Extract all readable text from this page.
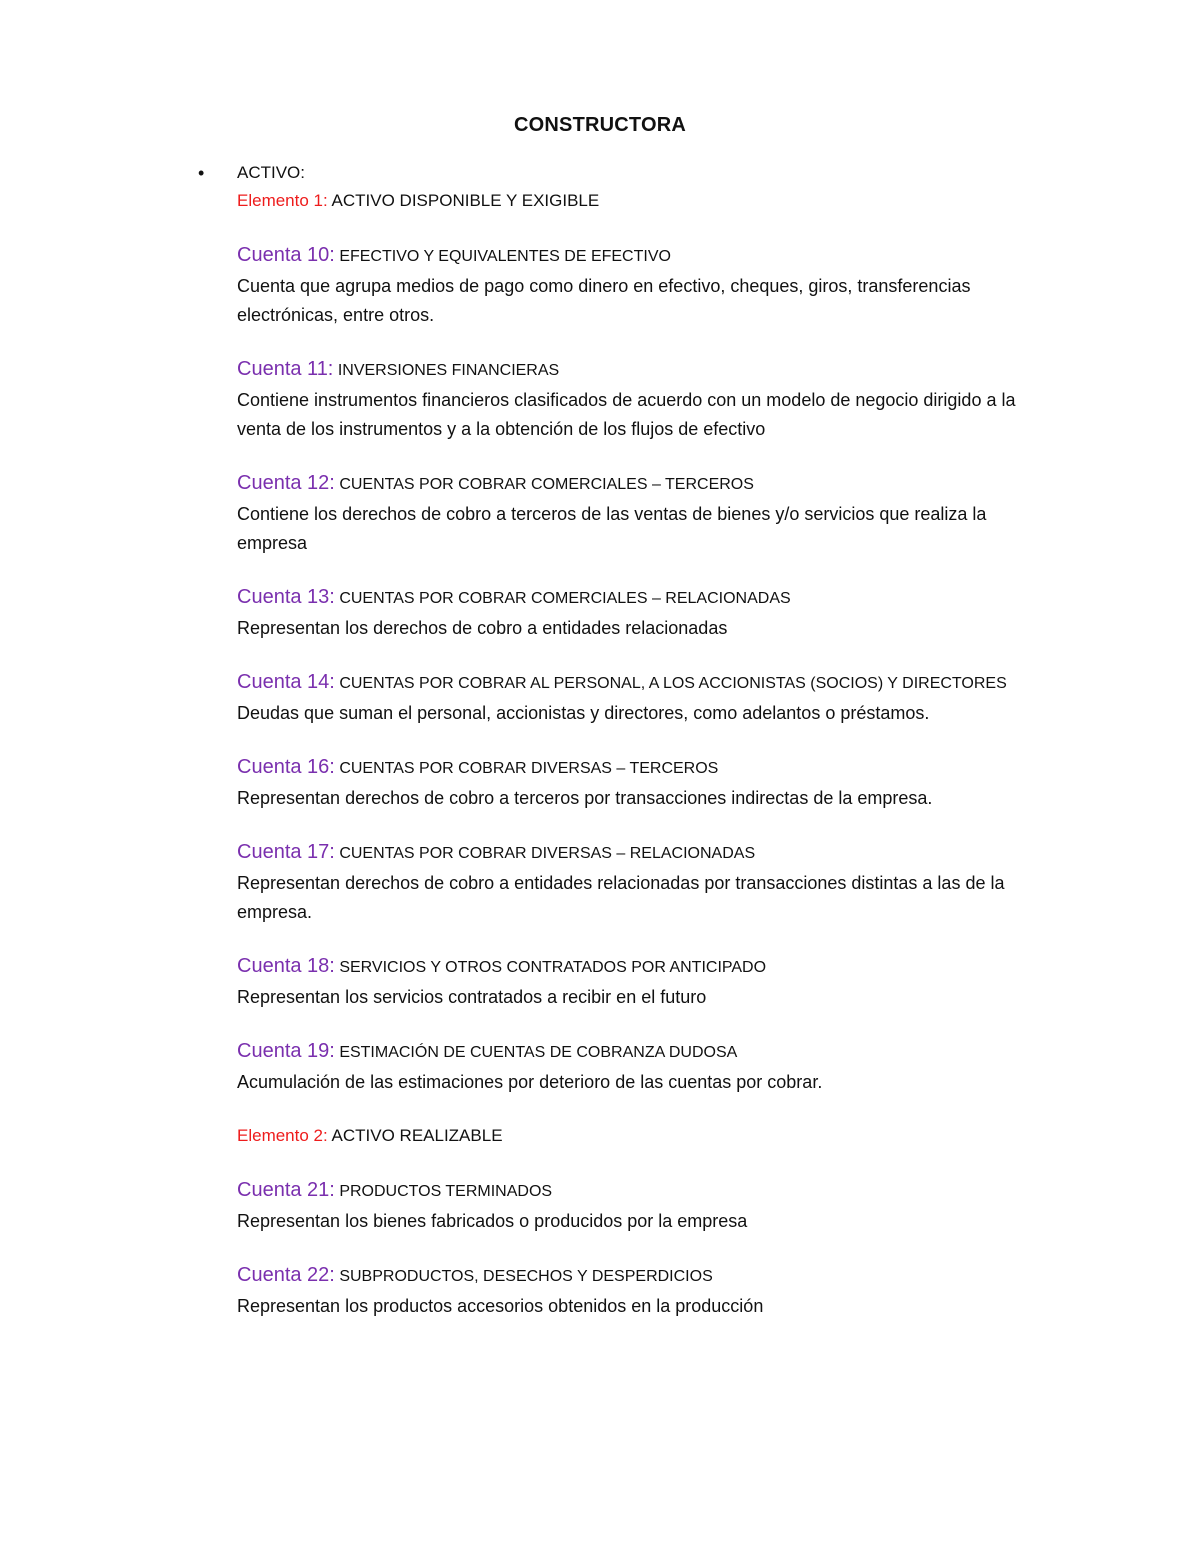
CONSTRUCTORA
• ACTIVO:

Elemento 1: ACTIVO DISPONIBLE Y EXIGIBLE

Cuenta 10: EFECTIVO Y EQUIVALENTES DE EFECTIVO

Cuenta que agrupa medios de pago como dinero en efectivo, cheques, giros, transferencias electrónicas, entre otros.

Cuenta 11: INVERSIONES FINANCIERAS

Contiene instrumentos financieros clasificados de acuerdo con un modelo de negocio dirigido a la venta de los instrumentos y a la obtención de los flujos de efectivo

Cuenta 12: CUENTAS POR COBRAR COMERCIALES – TERCEROS

Contiene los derechos de cobro a terceros de las ventas de bienes y/o servicios que realiza la empresa

Cuenta 13: CUENTAS POR COBRAR COMERCIALES – RELACIONADAS

Representan los derechos de cobro a entidades relacionadas

Cuenta 14: CUENTAS POR COBRAR AL PERSONAL, A LOS ACCIONISTAS (SOCIOS) Y DIRECTORES

Deudas que suman el personal, accionistas y directores, como adelantos o préstamos.

Cuenta 16: CUENTAS POR COBRAR DIVERSAS – TERCEROS

Representan derechos de cobro a terceros por transacciones indirectas de la empresa.

Cuenta 17: CUENTAS POR COBRAR DIVERSAS – RELACIONADAS

Representan derechos de cobro a entidades relacionadas por transacciones distintas a las de la empresa.

Cuenta 18: SERVICIOS Y OTROS CONTRATADOS POR ANTICIPADO

Representan los servicios contratados a recibir en el futuro

Cuenta 19: ESTIMACIÓN DE CUENTAS DE COBRANZA DUDOSA

Acumulación de las estimaciones por deterioro de las cuentas por cobrar.

Elemento 2: ACTIVO REALIZABLE

Cuenta 21: PRODUCTOS TERMINADOS

Representan los bienes fabricados o producidos por la empresa

Cuenta 22: SUBPRODUCTOS, DESECHOS Y DESPERDICIOS

Representan los productos accesorios obtenidos en la producción
